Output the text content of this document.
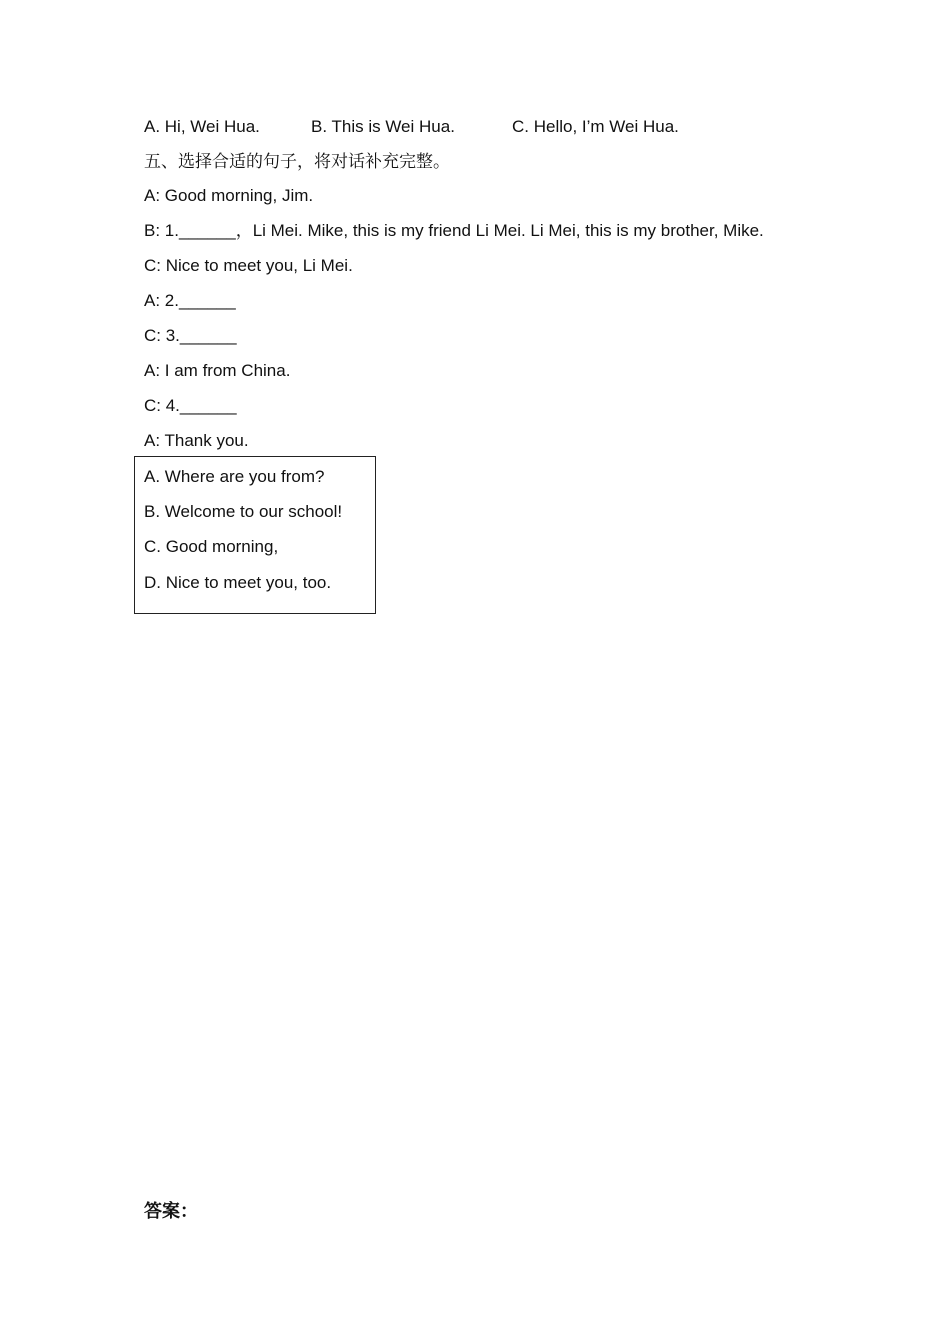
A. Hi, Wei Hua.	B. This is Wei Hua.	C. Hello, I’m Wei Hua.
五、选择合适的句子，将对话补充完整。
A: Good morning, Jim.
B: 1.______，Li Mei. Mike, this is my friend Li Mei. Li Mei, this is my brother, Mike.
C: Nice to meet you, Li Mei.
A: 2.______
C: 3.______
A: I am from China.
C: 4.______
A: Thank you.
A. Where are you from?
B. Welcome to our school!
C. Good morning,
D. Nice to meet you, too.
答案：
